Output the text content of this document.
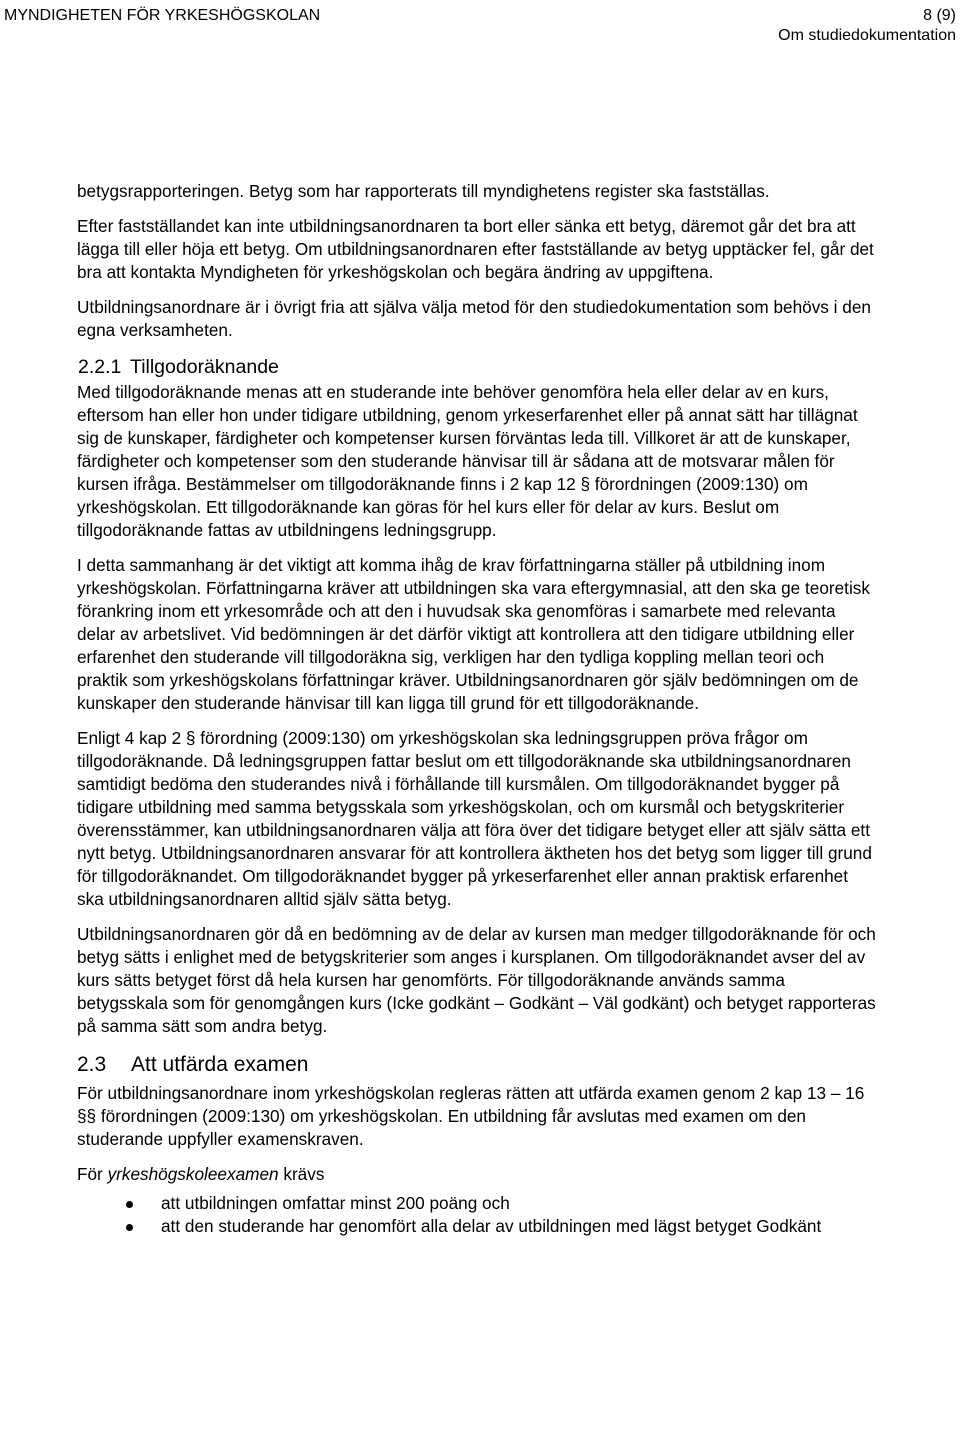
MYNDIGHETEN FÖR YRKESHÖGSKOLAN	8 (9)
Om studiedokumentation

betygsrapporteringen. Betyg som har rapporterats till myndighetens register ska fastställas.

Efter fastställandet kan inte utbildningsanordnaren ta bort eller sänka ett betyg, däremot går det bra att lägga till eller höja ett betyg. Om utbildningsanordnaren efter fastställande av betyg upptäcker fel, går det bra att kontakta Myndigheten för yrkeshögskolan och begära ändring av uppgiftena.

Utbildningsanordnare är i övrigt fria att själva välja metod för den studiedokumentation som behövs i den egna verksamheten.

2.2.1 Tillgodoräknande

Med tillgodoräknande menas att en studerande inte behöver genomföra hela eller delar av en kurs, eftersom han eller hon under tidigare utbildning, genom yrkeserfarenhet eller på annat sätt har tillägnat sig de kunskaper, färdigheter och kompetenser kursen förväntas leda till. Villkoret är att de kunskaper, färdigheter och kompetenser som den studerande hänvisar till är sådana att de motsvarar målen för kursen ifråga. Bestämmelser om tillgodoräknande finns i 2 kap 12 § förordningen (2009:130) om yrkeshögskolan. Ett tillgodoräknande kan göras för hel kurs eller för delar av kurs. Beslut om tillgodoräknande fattas av utbildningens ledningsgrupp.

I detta sammanhang är det viktigt att komma ihåg de krav författningarna ställer på utbildning inom yrkeshögskolan. Författningarna kräver att utbildningen ska vara eftergymnasial, att den ska ge teoretisk förankring inom ett yrkesområde och att den i huvudsak ska genomföras i samarbete med relevanta delar av arbetslivet. Vid bedömningen är det därför viktigt att kontrollera att den tidigare utbildning eller erfarenhet den studerande vill tillgodoräkna sig, verkligen har den tydliga koppling mellan teori och praktik som yrkeshögskolans författningar kräver. Utbildningsanordnaren gör själv bedömningen om de kunskaper den studerande hänvisar till kan ligga till grund för ett tillgodoräknande.

Enligt 4 kap 2 § förordning (2009:130) om yrkeshögskolan ska ledningsgruppen pröva frågor om tillgodoräknande. Då ledningsgruppen fattar beslut om ett tillgodoräknande ska utbildningsanordnaren samtidigt bedöma den studerandes nivå i förhållande till kursmålen. Om tillgodoräknandet bygger på tidigare utbildning med samma betygsskala som yrkeshögskolan, och om kursmål och betygskriterier överensstämmer, kan utbildningsanordnaren välja att föra över det tidigare betyget eller att själv sätta ett nytt betyg. Utbildningsanordnaren ansvarar för att kontrollera äktheten hos det betyg som ligger till grund för tillgodoräknandet. Om tillgodoräknandet bygger på yrkeserfarenhet eller annan praktisk erfarenhet ska utbildningsanordnaren alltid själv sätta betyg.

Utbildningsanordnaren gör då en bedömning av de delar av kursen man medger tillgodoräknande för och betyg sätts i enlighet med de betygskriterier som anges i kursplanen. Om tillgodoräknandet avser del av kurs sätts betyget först då hela kursen har genomförts. För tillgodoräknande används samma betygsskala som för genomgången kurs (Icke godkänt – Godkänt – Väl godkänt) och betyget rapporteras på samma sätt som andra betyg.

2.3 Att utfärda examen

För utbildningsanordnare inom yrkeshögskolan regleras rätten att utfärda examen genom 2 kap 13 – 16 §§ förordningen (2009:130) om yrkeshögskolan. En utbildning får avslutas med examen om den studerande uppfyller examenskraven.

För yrkeshögskoleexamen krävs

att utbildningen omfattar minst 200 poäng och
att den studerande har genomfört alla delar av utbildningen med lägst betyget Godkänt
